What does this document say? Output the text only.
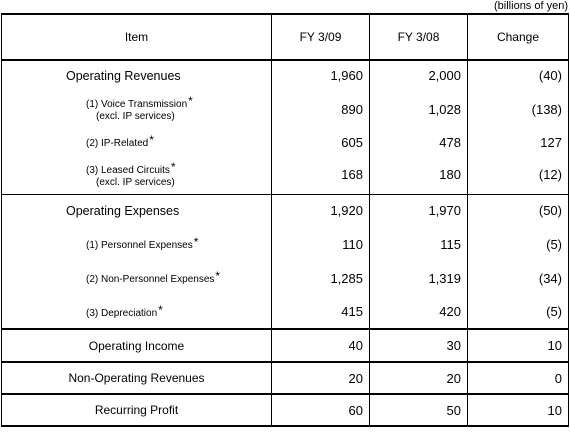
(billions of yen)
Item	FY 3/09	FY 3/08	Change
Operating Revenues	1,960	2,000	(40)
(1) Voice Transmission*
(excl. IP services)	890	1,028	(138)
(2) IP-Related*	605	478	127
(3) Leased Circuits*
(excl. IP services)	168	180	(12)
Operating Expenses	1,920	1,970	(50)
(1) Personnel Expenses*	110	115	(5)
(2) Non-Personnel Expenses*	1,285	1,319	(34)
(3) Depreciation*	415	420	(5)
Operating Income	40	30	10
Non-Operating Revenues	20	20	0
Recurring Profit	60	50	10
